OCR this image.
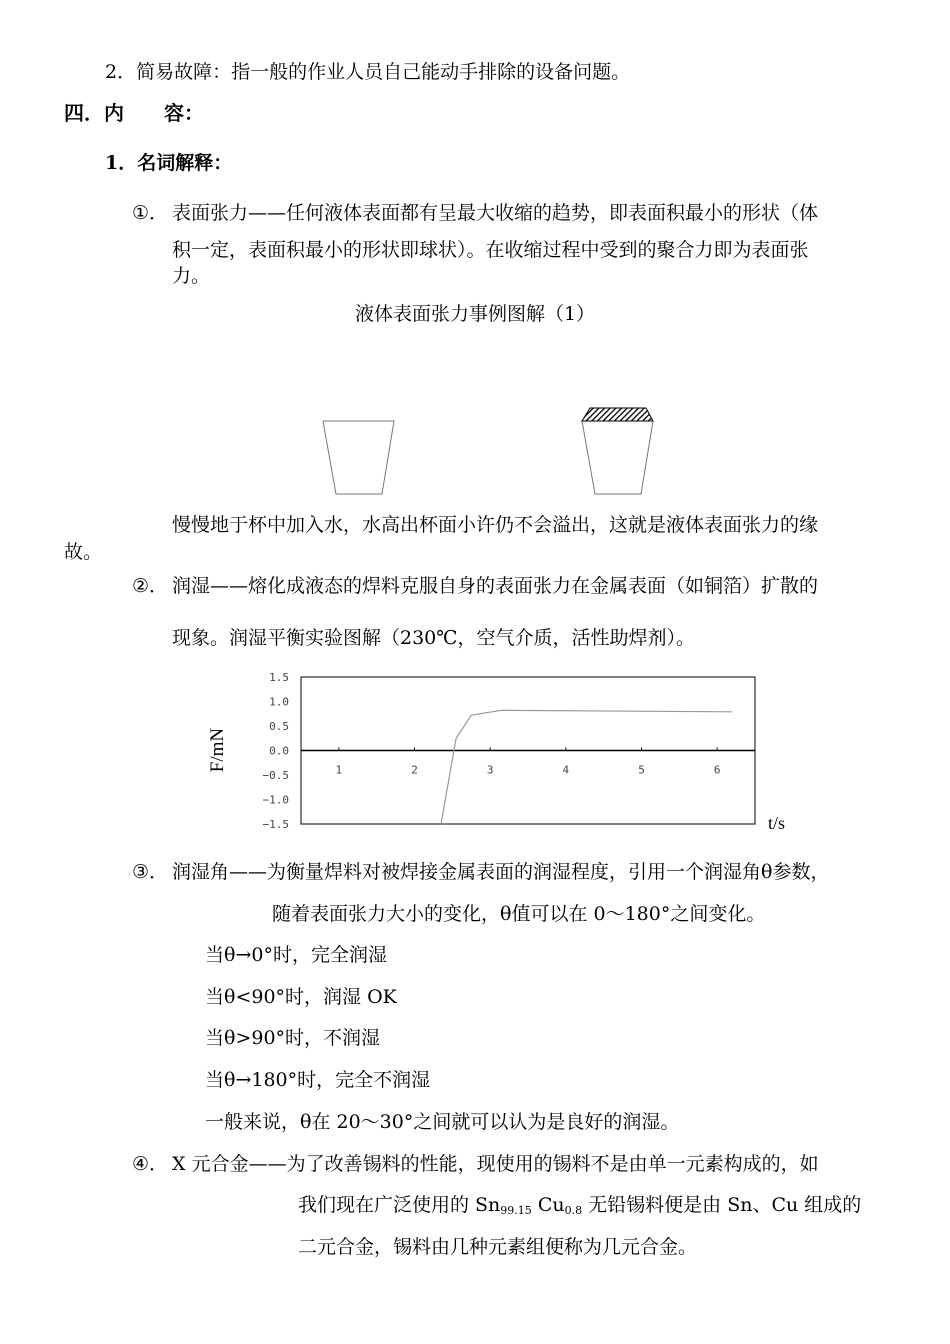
2．简易故障：指一般的作业人员自己能动手排除的设备问题。
四．内　　容：
1．名词解释：
①． 表面张力——任何液体表面都有呈最大收缩的趋势，即表面积最小的形状（体
积一定，表面积最小的形状即球状）。在收缩过程中受到的聚合力即为表面张
力。
液体表面张力事例图解（1）
慢慢地于杯中加入水，水高出杯面小许仍不会溢出，这就是液体表面张力的缘
故。
②． 润湿——熔化成液态的焊料克服自身的表面张力在金属表面（如铜箔）扩散的
现象。润湿平衡实验图解（230℃，空气介质，活性助焊剂）。
1.5
1.0
0.5
0.0
−0.5
−1.0
−1.5
1	2	3	4	5	6
F/mN
t/s
③． 润湿角——为衡量焊料对被焊接金属表面的润湿程度，引用一个润湿角θ参数，
随着表面张力大小的变化，θ值可以在 0～180°之间变化。
当θ→0°时，完全润湿
当θ<90°时，润湿 OK
当θ>90°时，不润湿
当θ→180°时，完全不润湿
一般来说，θ在 20～30°之间就可以认为是良好的润湿。
④． X 元合金——为了改善锡料的性能，现使用的锡料不是由单一元素构成的，如
我们现在广泛使用的 $Sn_{99.15}$ $Cu_{0.8}$ 无铅锡料便是由 Sn、Cu 组成的
二元合金，锡料由几种元素组便称为几元合金。
